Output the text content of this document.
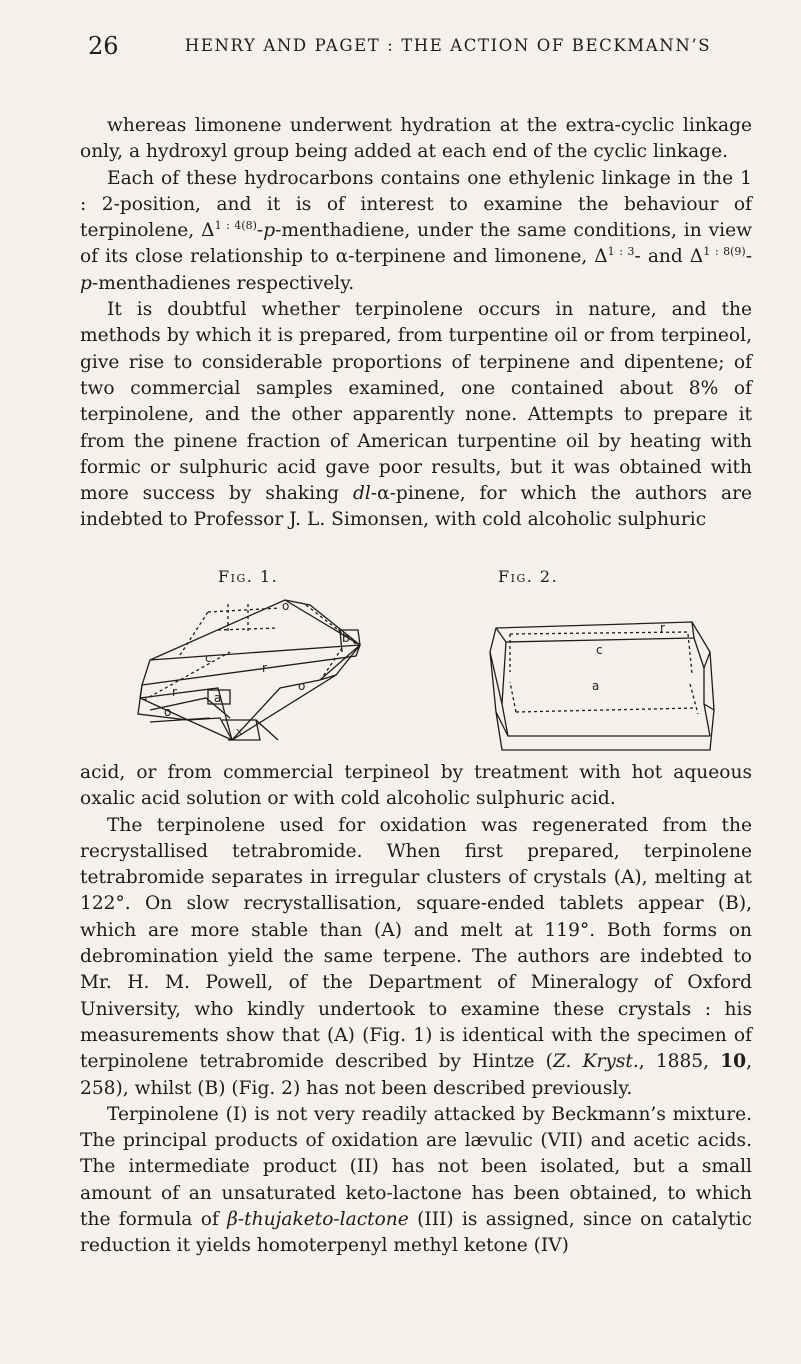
26	HENRY AND PAGET : THE ACTION OF BECKMANN’S

whereas limonene underwent hydration at the extra-cyclic linkage only, a hydroxyl group being added at each end of the cyclic linkage.

Each of these hydrocarbons contains one ethylenic linkage in the 1 : 2-position, and it is of interest to examine the behaviour of terpinolene, $\Delta^{1 : 4(8)}-p$-menthadiene, under the same conditions, in view of its close relationship to α-terpinene and limonene, $\Delta^{1 : 3}-$ and $\Delta^{1 : 8(9)}-p$-menthadienes respectively.

It is doubtful whether terpinolene occurs in nature, and the methods by which it is prepared, from turpentine oil or from terpineol, give rise to considerable proportions of terpinene and dipentene; of two commercial samples examined, one contained about 8% of terpinolene, and the other apparently none. Attempts to prepare it from the pinene fraction of American turpentine oil by heating with formic or sulphuric acid gave poor results, but it was obtained with more success by shaking dl-α-pinene, for which the authors are indebted to Professor J. L. Simonsen, with cold alcoholic sulphuric

Fig. 1.	Fig. 2.
o
b
c
r
r	o
a
x
o
r
c
a

acid, or from commercial terpineol by treatment with hot aqueous oxalic acid solution or with cold alcoholic sulphuric acid.

The terpinolene used for oxidation was regenerated from the recrystallised tetrabromide. When first prepared, terpinolene tetrabromide separates in irregular clusters of crystals (A), melting at 122°. On slow recrystallisation, square-ended tablets appear (B), which are more stable than (A) and melt at 119°. Both forms on debromination yield the same terpene. The authors are indebted to Mr. H. M. Powell, of the Department of Mineralogy of Oxford University, who kindly undertook to examine these crystals : his measurements show that (A) (Fig. 1) is identical with the specimen of terpinolene tetrabromide described by Hintze (Z. Kryst., 1885, 10, 258), whilst (B) (Fig. 2) has not been described previously.

Terpinolene (I) is not very readily attacked by Beckmann’s mixture. The principal products of oxidation are lævulic (VII) and acetic acids. The intermediate product (II) has not been isolated, but a small amount of an unsaturated keto-lactone has been obtained, to which the formula of β-thujaketo-lactone (III) is assigned, since on catalytic reduction it yields homoterpenyl methyl ketone (IV)
